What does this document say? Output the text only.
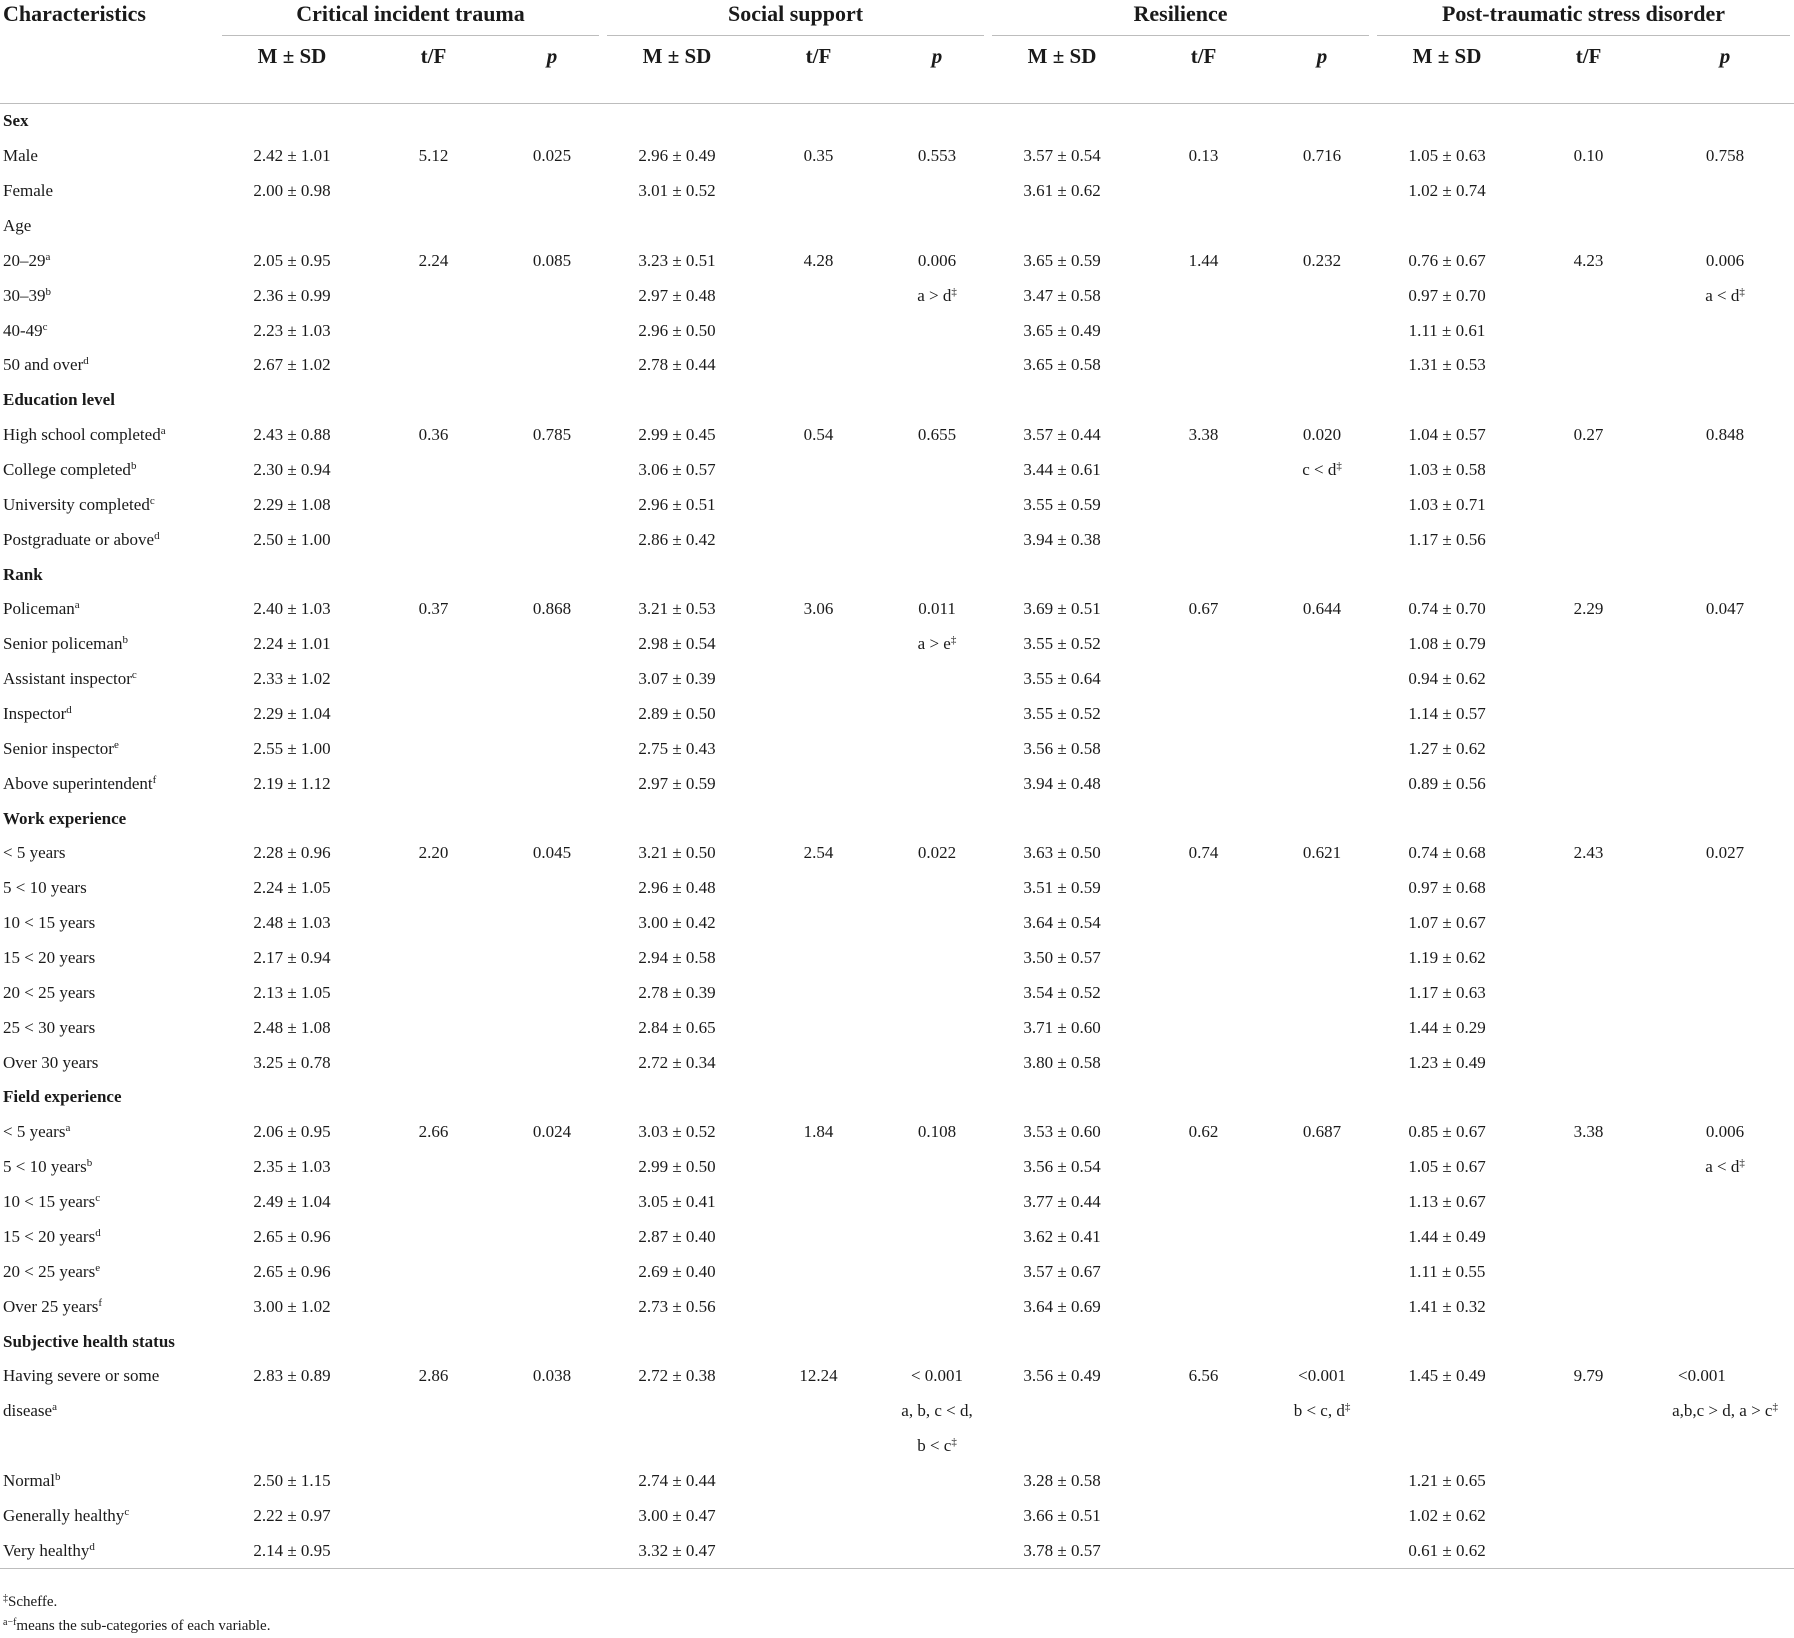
Characteristics	Critical incident trauma			Social support			Resilience			Post-traumatic stress disorder		
	M ± SD	t/F	p	M ± SD	t/F	p	M ± SD	t/F	p	M ± SD	t/F	p
Sex												
Male	2.42 ± 1.01	5.12	0.025	2.96 ± 0.49	0.35	0.553	3.57 ± 0.54	0.13	0.716	1.05 ± 0.63	0.10	0.758
Female	2.00 ± 0.98			3.01 ± 0.52			3.61 ± 0.62			1.02 ± 0.74		
Age												
20–29$^a$	2.05 ± 0.95	2.24	0.085	3.23 ± 0.51	4.28	0.006	3.65 ± 0.59	1.44	0.232	0.76 ± 0.67	4.23	0.006
30–39$^b$	2.36 ± 0.99			2.97 ± 0.48		a > d‡	3.47 ± 0.58			0.97 ± 0.70		a < d‡
40-49$^c$	2.23 ± 1.03			2.96 ± 0.50			3.65 ± 0.49			1.11 ± 0.61		
50 and over$^d$	2.67 ± 1.02			2.78 ± 0.44			3.65 ± 0.58			1.31 ± 0.53		
Education level												
High school completed$^a$	2.43 ± 0.88	0.36	0.785	2.99 ± 0.45	0.54	0.655	3.57 ± 0.44	3.38	0.020	1.04 ± 0.57	0.27	0.848
College completed$^b$	2.30 ± 0.94			3.06 ± 0.57			3.44 ± 0.61		c < d‡	1.03 ± 0.58		
University completed$^c$	2.29 ± 1.08			2.96 ± 0.51			3.55 ± 0.59			1.03 ± 0.71		
Postgraduate or above$^d$	2.50 ± 1.00			2.86 ± 0.42			3.94 ± 0.38			1.17 ± 0.56		
Rank												
Policeman$^a$	2.40 ± 1.03	0.37	0.868	3.21 ± 0.53	3.06	0.011	3.69 ± 0.51	0.67	0.644	0.74 ± 0.70	2.29	0.047
Senior policeman$^b$	2.24 ± 1.01			2.98 ± 0.54		a > e‡	3.55 ± 0.52			1.08 ± 0.79		
Assistant inspector$^c$	2.33 ± 1.02			3.07 ± 0.39			3.55 ± 0.64			0.94 ± 0.62		
Inspector$^d$	2.29 ± 1.04			2.89 ± 0.50			3.55 ± 0.52			1.14 ± 0.57		
Senior inspector$^e$	2.55 ± 1.00			2.75 ± 0.43			3.56 ± 0.58			1.27 ± 0.62		
Above superintendent$^f$	2.19 ± 1.12			2.97 ± 0.59			3.94 ± 0.48			0.89 ± 0.56		
Work experience												
< 5 years	2.28 ± 0.96	2.20	0.045	3.21 ± 0.50	2.54	0.022	3.63 ± 0.50	0.74	0.621	0.74 ± 0.68	2.43	0.027
5 < 10 years	2.24 ± 1.05			2.96 ± 0.48			3.51 ± 0.59			0.97 ± 0.68		
10 < 15 years	2.48 ± 1.03			3.00 ± 0.42			3.64 ± 0.54			1.07 ± 0.67		
15 < 20 years	2.17 ± 0.94			2.94 ± 0.58			3.50 ± 0.57			1.19 ± 0.62		
20 < 25 years	2.13 ± 1.05			2.78 ± 0.39			3.54 ± 0.52			1.17 ± 0.63		
25 < 30 years	2.48 ± 1.08			2.84 ± 0.65			3.71 ± 0.60			1.44 ± 0.29		
Over 30 years	3.25 ± 0.78			2.72 ± 0.34			3.80 ± 0.58			1.23 ± 0.49		
Field experience												
< 5 years$^a$	2.06 ± 0.95	2.66	0.024	3.03 ± 0.52	1.84	0.108	3.53 ± 0.60	0.62	0.687	0.85 ± 0.67	3.38	0.006
5 < 10 years$^b$	2.35 ± 1.03			2.99 ± 0.50			3.56 ± 0.54			1.05 ± 0.67		a < d‡
10 < 15 years$^c$	2.49 ± 1.04			3.05 ± 0.41			3.77 ± 0.44			1.13 ± 0.67		
15 < 20 years$^d$	2.65 ± 0.96			2.87 ± 0.40			3.62 ± 0.41			1.44 ± 0.49		
20 < 25 years$^e$	2.65 ± 0.96			2.69 ± 0.40			3.57 ± 0.67			1.11 ± 0.55		
Over 25 years$^f$	3.00 ± 1.02			2.73 ± 0.56			3.64 ± 0.69			1.41 ± 0.32		
Subjective health status												
Having severe or some	2.83 ± 0.89	2.86	0.038	2.72 ± 0.38	12.24	< 0.001	3.56 ± 0.49	6.56	<0.001	1.45 ± 0.49	9.79	<0.001
disease$^a$						a, b, c < d,			b < c, d‡			a,b,c > d, a > c‡
						b < c‡						
Normal$^b$	2.50 ± 1.15			2.74 ± 0.44			3.28 ± 0.58			1.21 ± 0.65		
Generally healthy$^c$	2.22 ± 0.97			3.00 ± 0.47			3.66 ± 0.51			1.02 ± 0.62		
Very healthy$^d$	2.14 ± 0.95			3.32 ± 0.47			3.78 ± 0.57			0.61 ± 0.62		
‡Scheffe.
$^{a-f}$means the sub-categories of each variable.
